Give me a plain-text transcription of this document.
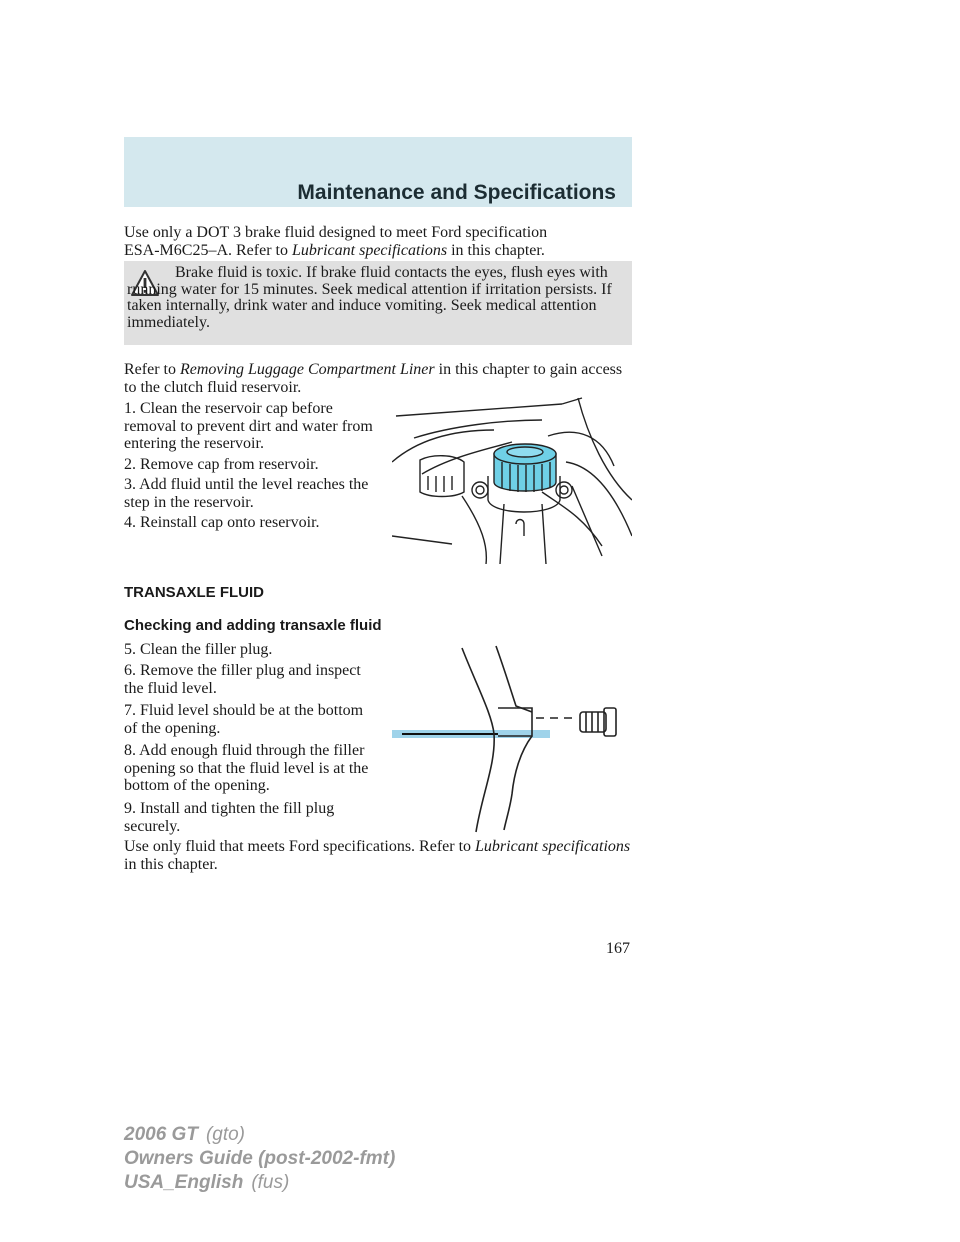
Maintenance and Specifications
Use only a DOT 3 brake fluid designed to meet Ford specification
ESA-M6C25–A. Refer to Lubricant specifications in this chapter.
Brake fluid is toxic. If brake fluid contacts the eyes, flush eyes with running water for 15 minutes. Seek medical attention if irritation persists. If taken internally, drink water and induce vomiting. Seek medical attention immediately.
Refer to Removing Luggage Compartment Liner in this chapter to gain access to the clutch fluid reservoir.
1. Clean the reservoir cap before removal to prevent dirt and water from entering the reservoir.
2. Remove cap from reservoir.
3. Add fluid until the level reaches the step in the reservoir.
4. Reinstall cap onto reservoir.
TRANSAXLE FLUID
Checking and adding transaxle fluid
5. Clean the filler plug.
6. Remove the filler plug and inspect the fluid level.
7. Fluid level should be at the bottom of the opening.
8. Add enough fluid through the filler opening so that the fluid level is at the bottom of the opening.
9. Install and tighten the fill plug securely.
Use only fluid that meets Ford specifications. Refer to Lubricant specifications in this chapter.
167
2006 GT (gto)
Owners Guide (post-2002-fmt)
USA_English (fus)
